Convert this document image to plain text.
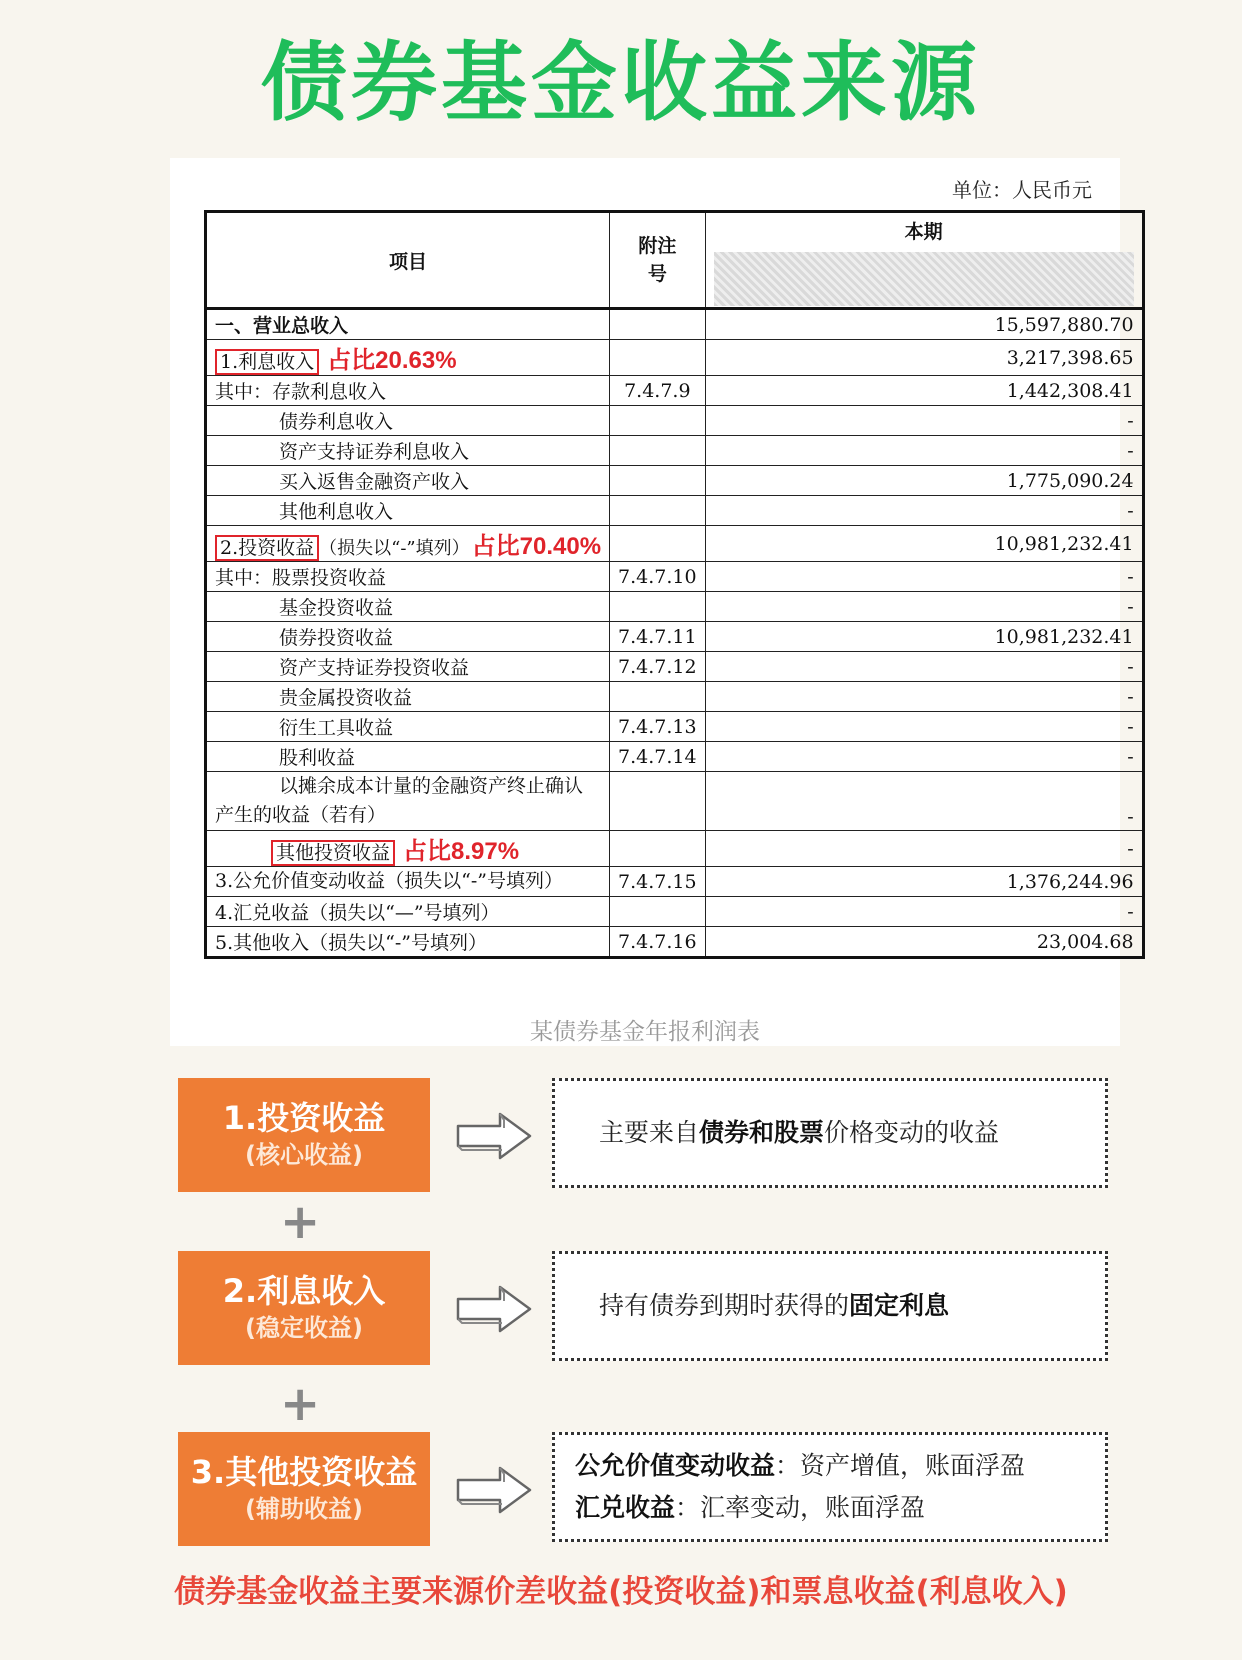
债券基金收益来源
单位：人民币元
项目	附注号	本期

一、营业总收入		15,597,880.70
1.利息收入 占比20.63%		3,217,398.65
其中：存款利息收入	7.4.7.9	1,442,308.41
债券利息收入		-
资产支持证券利息收入		-
买入返售金融资产收入		1,775,090.24
其他利息收入		-
2.投资收益 （损失以“-”填列）占比70.40%		10,981,232.41
其中：股票投资收益	7.4.7.10	-
基金投资收益		-
债券投资收益	7.4.7.11	10,981,232.41
资产支持证券投资收益	7.4.7.12	-
贵金属投资收益		-
衍生工具收益	7.4.7.13	-
股利收益	7.4.7.14	-
以摊余成本计量的金融资产终止确认产生的收益（若有）		-
其他投资收益 占比8.97%		-
3.公允价值变动收益（损失以“-”号填列）	7.4.7.15	1,376,244.96
4.汇兑收益（损失以“—”号填列）		-
5.其他收入（损失以“-”号填列）	7.4.7.16	23,004.68
某债券基金年报利润表
1.投资收益
(核心收益)
主要来自债券和股票价格变动的收益
+
2.利息收入
(稳定收益)
持有债券到期时获得的固定利息
+
3.其他投资收益
(辅助收益)
公允价值变动收益：资产增值，账面浮盈
汇兑收益：汇率变动，账面浮盈
债券基金收益主要来源价差收益(投资收益)和票息收益(利息收入)
